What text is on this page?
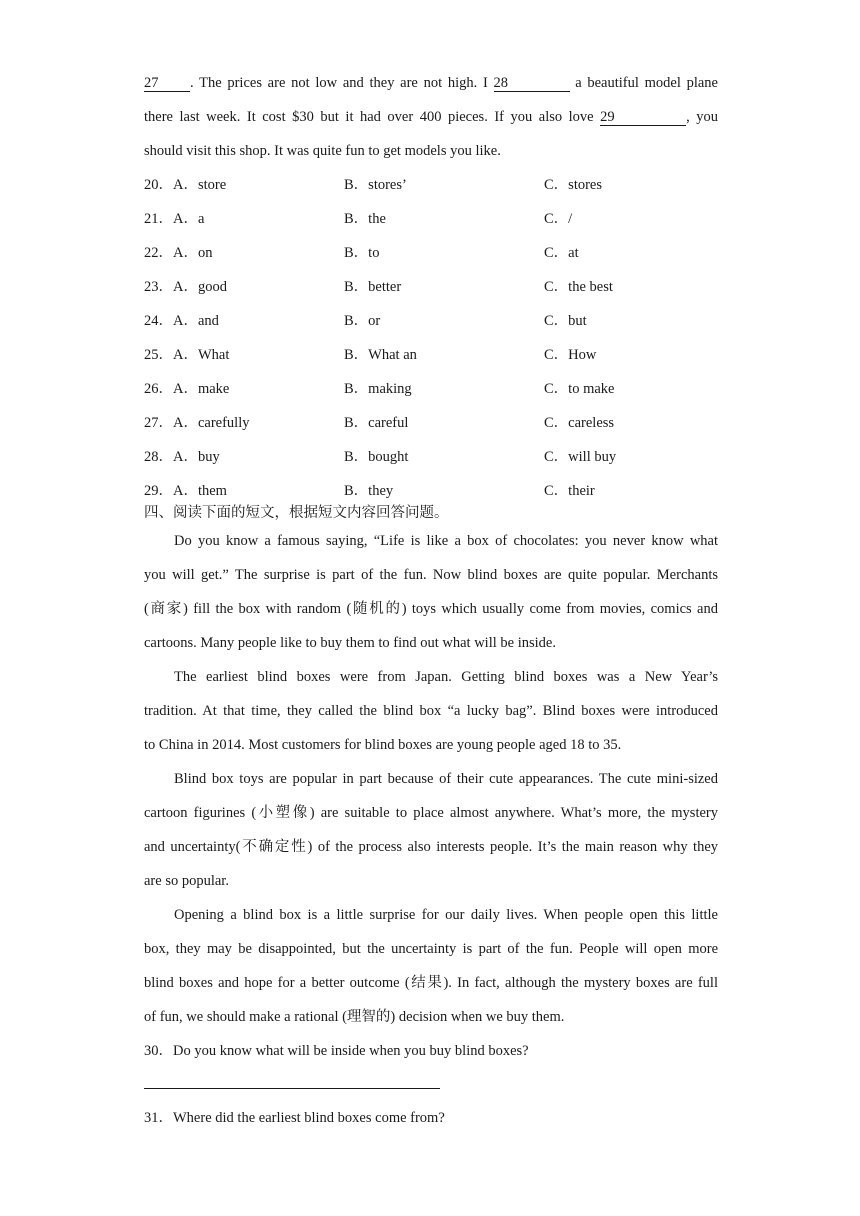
27 . The prices are not low and they are not high. I 28	a beautiful model plane
there last week. It cost $30 but it had over 400 pieces. If you also love 29	, you
should visit this shop. It was quite fun to get models you like.
20．A．store	B．stores’	C．stores
21．A．a	B．the	C．/
22．A．on	B．to	C．at
23．A．good	B．better	C．the best
24．A．and	B．or	C．but
25．A．What	B．What an	C．How
26．A．make	B．making	C．to make
27．A．carefully	B．careful	C．careless
28．A．buy	B．bought	C．will buy
29．A．them	B．they	C．their
四、阅读下面的短文，根据短文内容回答问题。
Do you know a famous saying, “Life is like a box of chocolates: you never know what
you will get.” The surprise is part of the fun. Now blind boxes are quite popular. Merchants
(商家) fill the box with random (随机的) toys which usually come from movies, comics and
cartoons. Many people like to buy them to find out what will be inside.
The earliest blind boxes were from Japan. Getting blind boxes was a New Year’s
tradition. At that time, they called the blind box “a lucky bag”. Blind boxes were introduced
to China in 2014. Most customers for blind boxes are young people aged 18 to 35.
Blind box toys are popular in part because of their cute appearances. The cute mini-sized
cartoon figurines (小塑像) are suitable to place almost anywhere. What’s more, the mystery
and uncertainty(不确定性) of the process also interests people. It’s the main reason why they
are so popular.
Opening a blind box is a little surprise for our daily lives. When people open this little
box, they may be disappointed, but the uncertainty is part of the fun. People will open more
blind boxes and hope for a better outcome (结果). In fact, although the mystery boxes are full
of fun, we should make a rational (理智的) decision when we buy them.
30．Do you know what will be inside when you buy blind boxes?
31．Where did the earliest blind boxes come from?
